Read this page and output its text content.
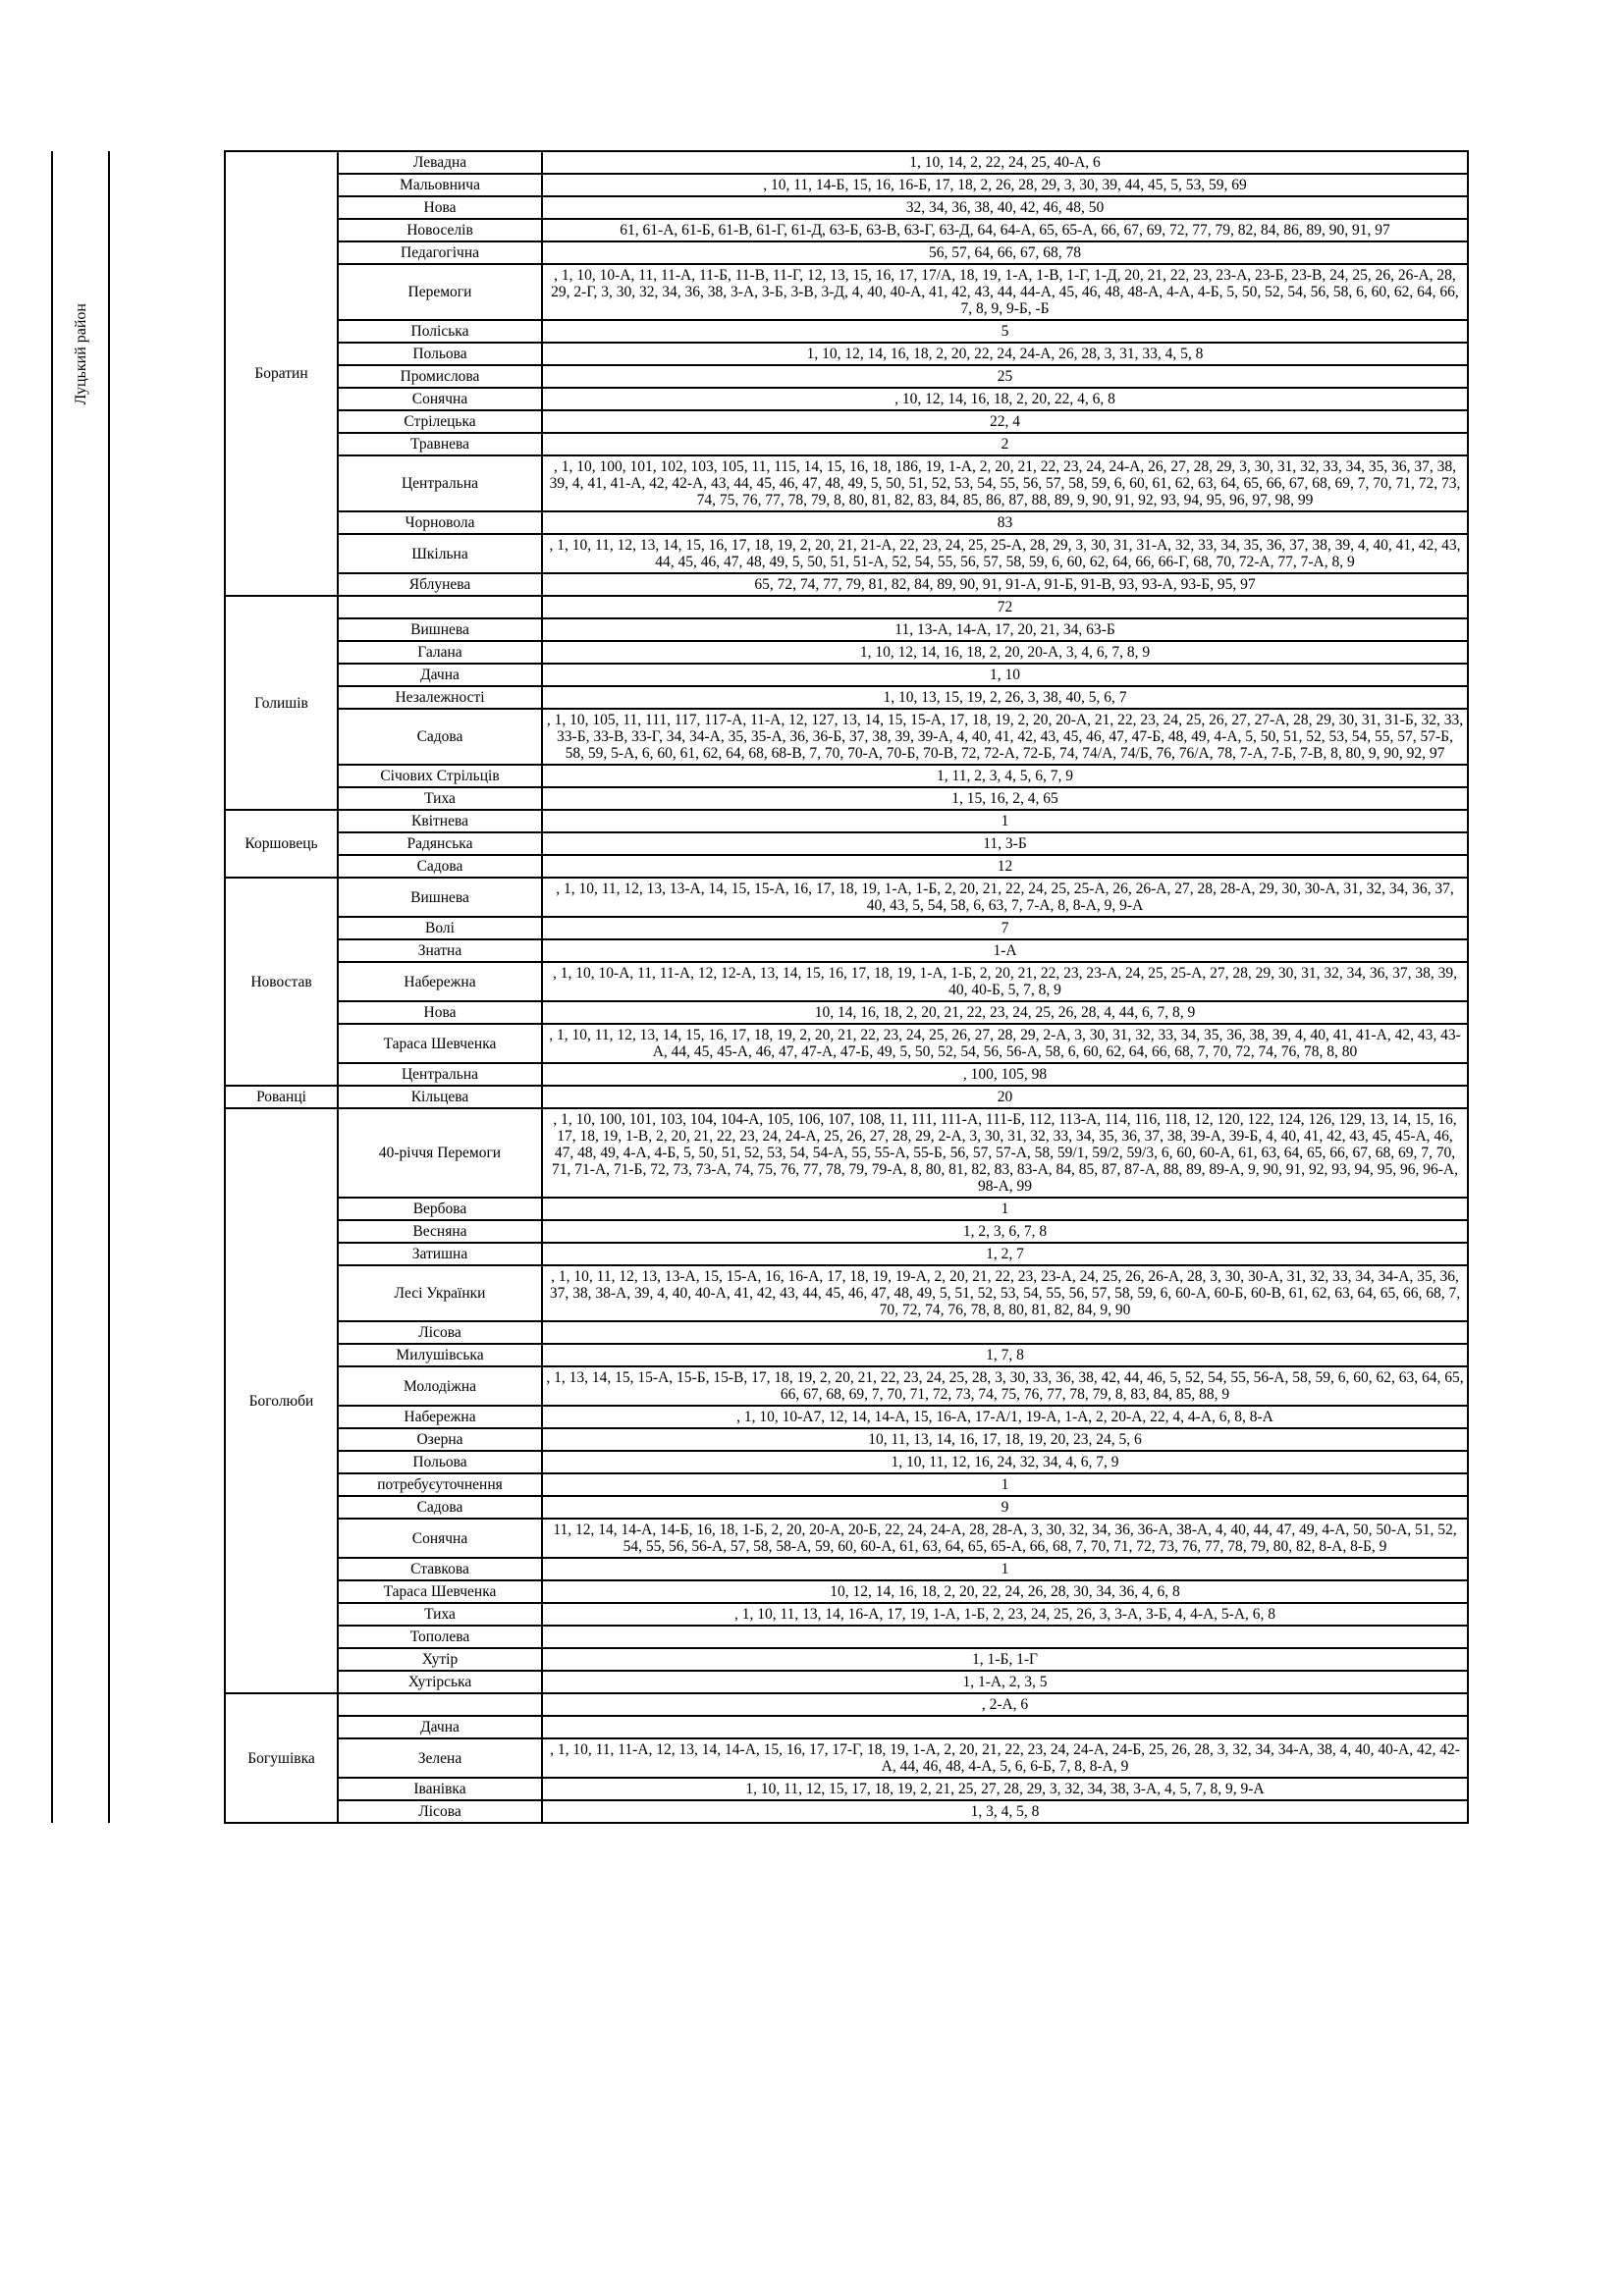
Луцький район		Боратин	Левадна	1, 10, 14, 2, 22, 24, 25, 40-А, 6
			Мальовнича	, 10, 11, 14-Б, 15, 16, 16-Б, 17, 18, 2, 26, 28, 29, 3, 30, 39, 44, 45, 5, 53, 59, 69
			Нова	32, 34, 36, 38, 40, 42, 46, 48, 50
			Новоселів	61, 61-А, 61-Б, 61-В, 61-Г, 61-Д, 63-Б, 63-В, 63-Г, 63-Д, 64, 64-А, 65, 65-А, 66, 67, 69, 72, 77, 79, 82, 84, 86, 89, 90, 91, 97
			Педагогічна	56, 57, 64, 66, 67, 68, 78
			Перемоги	, 1, 10, 10-А, 11, 11-А, 11-Б, 11-В, 11-Г, 12, 13, 15, 16, 17, 17/А, 18, 19, 1-А, 1-В, 1-Г, 1-Д, 20, 21, 22, 23, 23-А, 23-Б, 23-В, 24, 25, 26, 26-А, 28, 29, 2-Г, 3, 30, 32, 34, 36, 38, 3-А, 3-Б, 3-В, 3-Д, 4, 40, 40-А, 41, 42, 43, 44, 44-А, 45, 46, 48, 48-А, 4-А, 4-Б, 5, 50, 52, 54, 56, 58, 6, 60, 62, 64, 66, 7, 8, 9, 9-Б, -Б
			Поліська	5
			Польова	1, 10, 12, 14, 16, 18, 2, 20, 22, 24, 24-А, 26, 28, 3, 31, 33, 4, 5, 8
			Промислова	25
			Сонячна	, 10, 12, 14, 16, 18, 2, 20, 22, 4, 6, 8
			Стрілецька	22, 4
			Травнева	2
			Центральна	, 1, 10, 100, 101, 102, 103, 105, 11, 115, 14, 15, 16, 18, 186, 19, 1-А, 2, 20, 21, 22, 23, 24, 24-А, 26, 27, 28, 29, 3, 30, 31, 32, 33, 34, 35, 36, 37, 38, 39, 4, 41, 41-А, 42, 42-А, 43, 44, 45, 46, 47, 48, 49, 5, 50, 51, 52, 53, 54, 55, 56, 57, 58, 59, 6, 60, 61, 62, 63, 64, 65, 66, 67, 68, 69, 7, 70, 71, 72, 73, 74, 75, 76, 77, 78, 79, 8, 80, 81, 82, 83, 84, 85, 86, 87, 88, 89, 9, 90, 91, 92, 93, 94, 95, 96, 97, 98, 99
			Чорновола	83
			Шкільна	, 1, 10, 11, 12, 13, 14, 15, 16, 17, 18, 19, 2, 20, 21, 21-А, 22, 23, 24, 25, 25-А, 28, 29, 3, 30, 31, 31-А, 32, 33, 34, 35, 36, 37, 38, 39, 4, 40, 41, 42, 43, 44, 45, 46, 47, 48, 49, 5, 50, 51, 51-А, 52, 54, 55, 56, 57, 58, 59, 6, 60, 62, 64, 66, 66-Г, 68, 70, 72-А, 77, 7-А, 8, 9
			Яблунева	65, 72, 74, 77, 79, 81, 82, 84, 89, 90, 91, 91-А, 91-Б, 91-В, 93, 93-А, 93-Б, 95, 97
		Голишів		72
			Вишнева	11, 13-А, 14-А, 17, 20, 21, 34, 63-Б
			Галана	1, 10, 12, 14, 16, 18, 2, 20, 20-А, 3, 4, 6, 7, 8, 9
			Дачна	1, 10
			Незалежності	1, 10, 13, 15, 19, 2, 26, 3, 38, 40, 5, 6, 7
			Садова	, 1, 10, 105, 11, 111, 117, 117-А, 11-А, 12, 127, 13, 14, 15, 15-А, 17, 18, 19, 2, 20, 20-А, 21, 22, 23, 24, 25, 26, 27, 27-А, 28, 29, 30, 31, 31-Б, 32, 33, 33-Б, 33-В, 33-Г, 34, 34-А, 35, 35-А, 36, 36-Б, 37, 38, 39, 39-А, 4, 40, 41, 42, 43, 45, 46, 47, 47-Б, 48, 49, 4-А, 5, 50, 51, 52, 53, 54, 55, 57, 57-Б, 58, 59, 5-А, 6, 60, 61, 62, 64, 68, 68-В, 7, 70, 70-А, 70-Б, 70-В, 72, 72-А, 72-Б, 74, 74/А, 74/Б, 76, 76/А, 78, 7-А, 7-Б, 7-В, 8, 80, 9, 90, 92, 97
			Січових Стрільців	1, 11, 2, 3, 4, 5, 6, 7, 9
			Тиха	1, 15, 16, 2, 4, 65
		Коршовець	Квітнева	1
			Радянська	11, 3-Б
			Садова	12
		Новостав	Вишнева	, 1, 10, 11, 12, 13, 13-А, 14, 15, 15-А, 16, 17, 18, 19, 1-А, 1-Б, 2, 20, 21, 22, 24, 25, 25-А, 26, 26-А, 27, 28, 28-А, 29, 30, 30-А, 31, 32, 34, 36, 37, 40, 43, 5, 54, 58, 6, 63, 7, 7-А, 8, 8-А, 9, 9-А
			Волі	7
			Знатна	1-А
			Набережна	, 1, 10, 10-А, 11, 11-А, 12, 12-А, 13, 14, 15, 16, 17, 18, 19, 1-А, 1-Б, 2, 20, 21, 22, 23, 23-А, 24, 25, 25-А, 27, 28, 29, 30, 31, 32, 34, 36, 37, 38, 39, 40, 40-Б, 5, 7, 8, 9
			Нова	10, 14, 16, 18, 2, 20, 21, 22, 23, 24, 25, 26, 28, 4, 44, 6, 7, 8, 9
			Тараса Шевченка	, 1, 10, 11, 12, 13, 14, 15, 16, 17, 18, 19, 2, 20, 21, 22, 23, 24, 25, 26, 27, 28, 29, 2-А, 3, 30, 31, 32, 33, 34, 35, 36, 38, 39, 4, 40, 41, 41-А, 42, 43, 43-А, 44, 45, 45-А, 46, 47, 47-А, 47-Б, 49, 5, 50, 52, 54, 56, 56-А, 58, 6, 60, 62, 64, 66, 68, 7, 70, 72, 74, 76, 78, 8, 80
			Центральна	, 100, 105, 98
		Рованці	Кільцева	20
		Боголюби	40-річчя Перемоги	, 1, 10, 100, 101, 103, 104, 104-А, 105, 106, 107, 108, 11, 111, 111-А, 111-Б, 112, 113-А, 114, 116, 118, 12, 120, 122, 124, 126, 129, 13, 14, 15, 16, 17, 18, 19, 1-В, 2, 20, 21, 22, 23, 24, 24-А, 25, 26, 27, 28, 29, 2-А, 3, 30, 31, 32, 33, 34, 35, 36, 37, 38, 39-А, 39-Б, 4, 40, 41, 42, 43, 45, 45-А, 46, 47, 48, 49, 4-А, 4-Б, 5, 50, 51, 52, 53, 54, 54-А, 55, 55-А, 55-Б, 56, 57, 57-А, 58, 59/1, 59/2, 59/3, 6, 60, 60-А, 61, 63, 64, 65, 66, 67, 68, 69, 7, 70, 71, 71-А, 71-Б, 72, 73, 73-А, 74, 75, 76, 77, 78, 79, 79-А, 8, 80, 81, 82, 83, 83-А, 84, 85, 87, 87-А, 88, 89, 89-А, 9, 90, 91, 92, 93, 94, 95, 96, 96-А, 98-А, 99
			Вербова	1
			Весняна	1, 2, 3, 6, 7, 8
			Затишна	1, 2, 7
			Лесі Українки	, 1, 10, 11, 12, 13, 13-А, 15, 15-А, 16, 16-А, 17, 18, 19, 19-А, 2, 20, 21, 22, 23, 23-А, 24, 25, 26, 26-А, 28, 3, 30, 30-А, 31, 32, 33, 34, 34-А, 35, 36, 37, 38, 38-А, 39, 4, 40, 40-А, 41, 42, 43, 44, 45, 46, 47, 48, 49, 5, 51, 52, 53, 54, 55, 56, 57, 58, 59, 6, 60-А, 60-Б, 60-В, 61, 62, 63, 64, 65, 66, 68, 7, 70, 72, 74, 76, 78, 8, 80, 81, 82, 84, 9, 90
			Лісова	
			Милушівська	1, 7, 8
			Молодіжна	, 1, 13, 14, 15, 15-А, 15-Б, 15-В, 17, 18, 19, 2, 20, 21, 22, 23, 24, 25, 28, 3, 30, 33, 36, 38, 42, 44, 46, 5, 52, 54, 55, 56-А, 58, 59, 6, 60, 62, 63, 64, 65, 66, 67, 68, 69, 7, 70, 71, 72, 73, 74, 75, 76, 77, 78, 79, 8, 83, 84, 85, 88, 9
			Набережна	, 1, 10, 10-А7, 12, 14, 14-А, 15, 16-А, 17-А/1, 19-А, 1-А, 2, 20-А, 22, 4, 4-А, 6, 8, 8-А
			Озерна	10, 11, 13, 14, 16, 17, 18, 19, 20, 23, 24, 5, 6
			Польова	1, 10, 11, 12, 16, 24, 32, 34, 4, 6, 7, 9
			потребуєуточнення	1
			Садова	9
			Сонячна	11, 12, 14, 14-А, 14-Б, 16, 18, 1-Б, 2, 20, 20-А, 20-Б, 22, 24, 24-А, 28, 28-А, 3, 30, 32, 34, 36, 36-А, 38-А, 4, 40, 44, 47, 49, 4-А, 50, 50-А, 51, 52, 54, 55, 56, 56-А, 57, 58, 58-А, 59, 60, 60-А, 61, 63, 64, 65, 65-А, 66, 68, 7, 70, 71, 72, 73, 76, 77, 78, 79, 80, 82, 8-А, 8-Б, 9
			Ставкова	1
			Тараса Шевченка	10, 12, 14, 16, 18, 2, 20, 22, 24, 26, 28, 30, 34, 36, 4, 6, 8
			Тиха	, 1, 10, 11, 13, 14, 16-А, 17, 19, 1-А, 1-Б, 2, 23, 24, 25, 26, 3, 3-А, 3-Б, 4, 4-А, 5-А, 6, 8
			Тополева	
			Хутір	1, 1-Б, 1-Г
			Хутірська	1, 1-А, 2, 3, 5
		Богушівка		, 2-А, 6
			Дачна	
			Зелена	, 1, 10, 11, 11-А, 12, 13, 14, 14-А, 15, 16, 17, 17-Г, 18, 19, 1-А, 2, 20, 21, 22, 23, 24, 24-А, 24-Б, 25, 26, 28, 3, 32, 34, 34-А, 38, 4, 40, 40-А, 42, 42-А, 44, 46, 48, 4-А, 5, 6, 6-Б, 7, 8, 8-А, 9
			Іванівка	1, 10, 11, 12, 15, 17, 18, 19, 2, 21, 25, 27, 28, 29, 3, 32, 34, 38, 3-А, 4, 5, 7, 8, 9, 9-А
			Лісова	1, 3, 4, 5, 8
